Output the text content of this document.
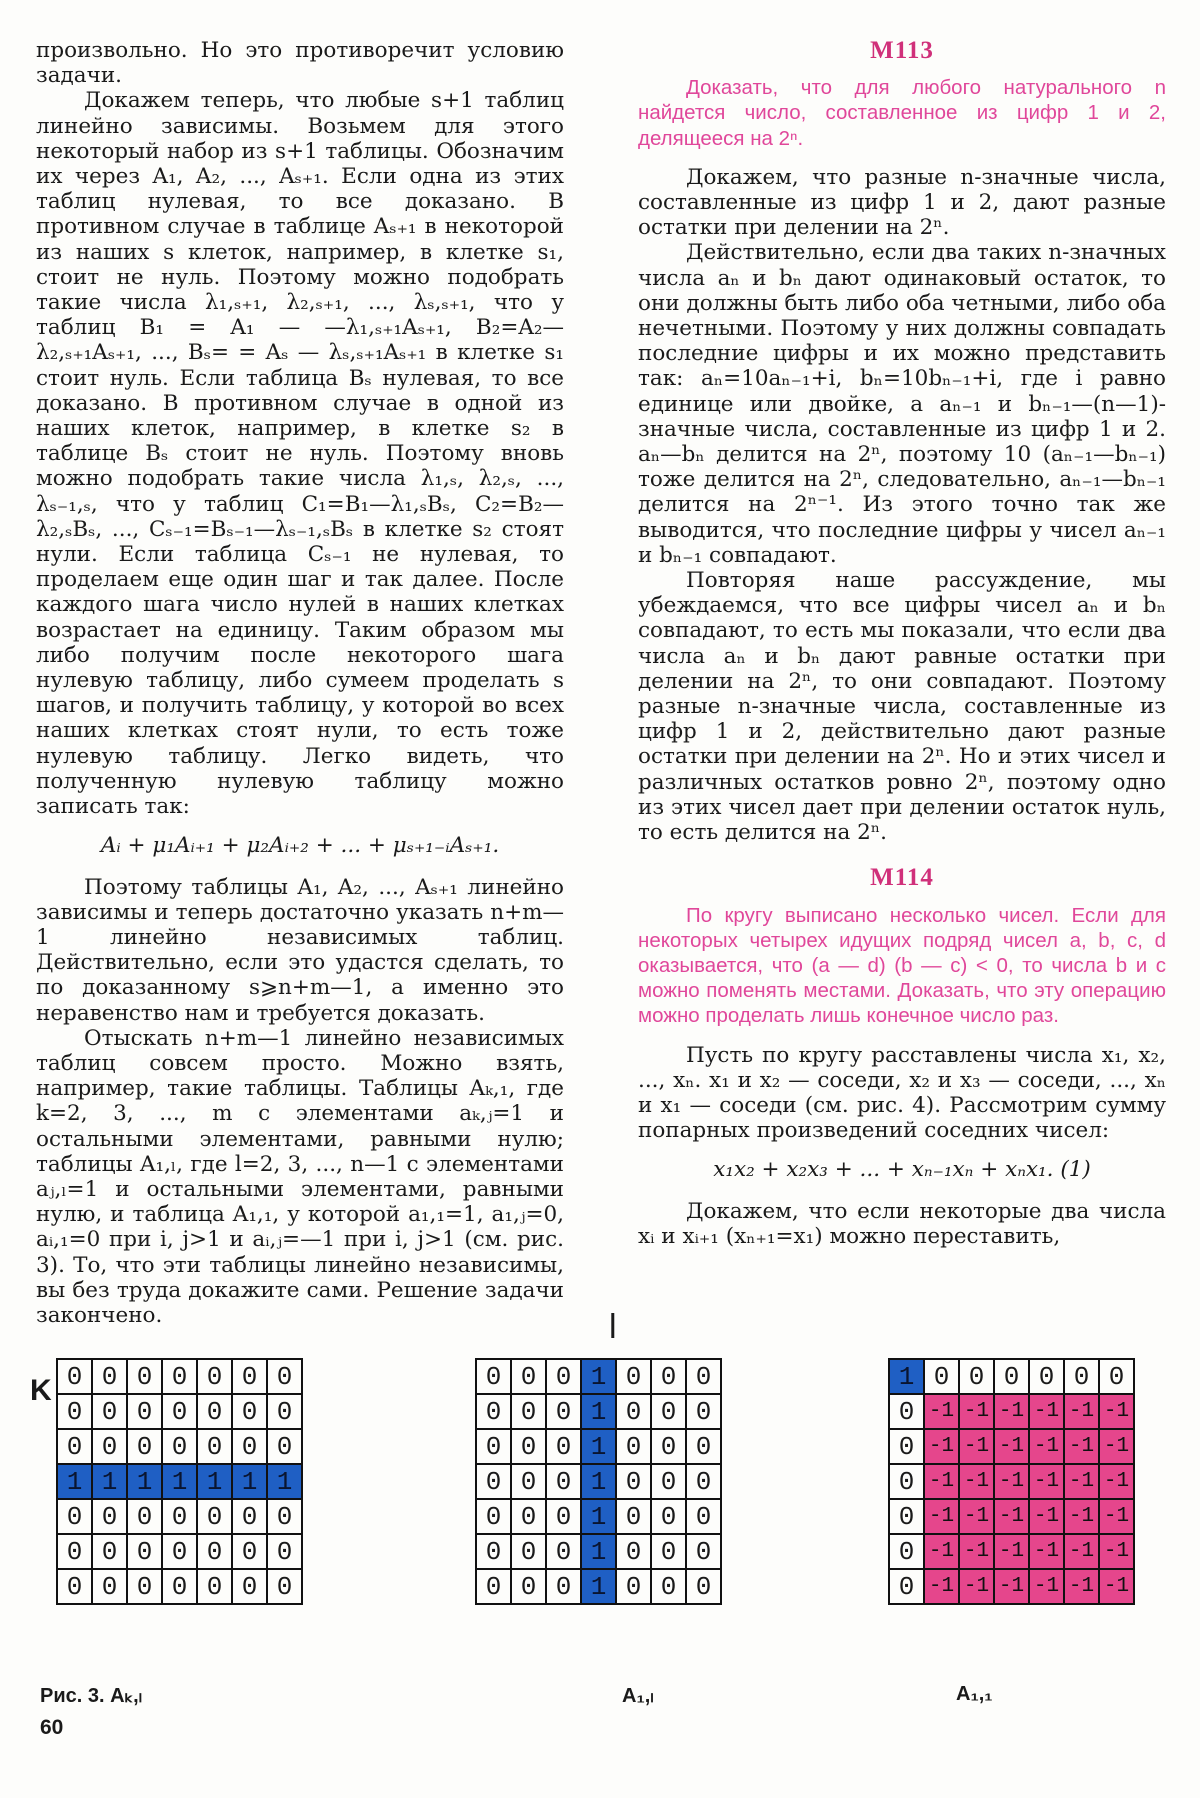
произвольно. Но это противоречит условию задачи.

Докажем теперь, что любые s+1 таблиц линейно зависимы. Возьмем для этого некоторый набор из s+1 таблицы. Обозначим их через A₁, A₂, ..., Aₛ₊₁. Если одна из этих таблиц нулевая, то все доказано. В противном случае в таблице Aₛ₊₁ в некоторой из наших s клеток, например, в клетке s₁, стоит не нуль. Поэтому можно подобрать такие числа λ₁,ₛ₊₁, λ₂,ₛ₊₁, ..., λₛ,ₛ₊₁, что у таблиц B₁ = A₁ — —λ₁,ₛ₊₁Aₛ₊₁, B₂=A₂—λ₂,ₛ₊₁Aₛ₊₁, ..., Bₛ= = Aₛ — λₛ,ₛ₊₁Aₛ₊₁ в клетке s₁ стоит нуль. Если таблица Bₛ нулевая, то все доказано. В противном случае в одной из наших клеток, например, в клетке s₂ в таблице Bₛ стоит не нуль. Поэтому вновь можно подобрать такие числа λ₁,ₛ, λ₂,ₛ, ..., λₛ₋₁,ₛ, что у таблиц C₁=B₁—λ₁,ₛBₛ, C₂=B₂—λ₂,ₛBₛ, ..., Cₛ₋₁=Bₛ₋₁—λₛ₋₁,ₛBₛ в клетке s₂ стоят нули. Если таблица Cₛ₋₁ не нулевая, то проделаем еще один шаг и так далее. После каждого шага число нулей в наших клетках возрастает на единицу. Таким образом мы либо получим после некоторого шага нулевую таблицу, либо сумеем проделать s шагов, и получить таблицу, у которой во всех наших клетках стоят нули, то есть тоже нулевую таблицу. Легко видеть, что полученную нулевую таблицу можно записать так:

Aᵢ + μ₁Aᵢ₊₁ + μ₂Aᵢ₊₂ + ... + μₛ₊₁₋ᵢAₛ₊₁.

Поэтому таблицы A₁, A₂, ..., Aₛ₊₁ линейно зависимы и теперь достаточно указать n+m—1 линейно независимых таблиц. Действительно, если это удастся сделать, то по доказанному s⩾n+m—1, а именно это неравенство нам и требуется доказать.

Отыскать n+m—1 линейно независимых таблиц совсем просто. Можно взять, например, такие таблицы. Таблицы Aₖ,₁, где k=2, 3, ..., m с элементами aₖ,ⱼ=1 и остальными элементами, равными нулю; таблицы A₁,ₗ, где l=2, 3, ..., n—1 с элементами aⱼ,ₗ=1 и остальными элементами, равными нулю, и таблица A₁,₁, у которой a₁,₁=1, a₁,ⱼ=0, aᵢ,₁=0 при i, j>1 и aᵢ,ⱼ=—1 при i, j>1 (см. рис. 3). То, что эти таблицы линейно независимы, вы без труда докажите сами. Решение задачи закончено.

М113

Доказать, что для любого натурального n найдется число, составленное из цифр 1 и 2, делящееся на 2ⁿ.

Докажем, что разные n-значные числа, составленные из цифр 1 и 2, дают разные остатки при делении на 2ⁿ.

Действительно, если два таких n-значных числа aₙ и bₙ дают одинаковый остаток, то они должны быть либо оба четными, либо оба нечетными. Поэтому у них должны совпадать последние цифры и их можно представить так: aₙ=10aₙ₋₁+i, bₙ=10bₙ₋₁+i, где i равно единице или двойке, а aₙ₋₁ и bₙ₋₁—(n—1)-значные числа, составленные из цифр 1 и 2. aₙ—bₙ делится на 2ⁿ, поэтому 10 (aₙ₋₁—bₙ₋₁) тоже делится на 2ⁿ, следовательно, aₙ₋₁—bₙ₋₁ делится на 2ⁿ⁻¹. Из этого точно так же выводится, что последние цифры у чисел aₙ₋₁ и bₙ₋₁ совпадают.

Повторяя наше рассуждение, мы убеждаемся, что все цифры чисел aₙ и bₙ совпадают, то есть мы показали, что если два числа aₙ и bₙ дают равные остатки при делении на 2ⁿ, то они совпадают. Поэтому разные n-значные числа, составленные из цифр 1 и 2, действительно дают разные остатки при делении на 2ⁿ. Но и этих чисел и различных остатков ровно 2ⁿ, поэтому одно из этих чисел дает при делении остаток нуль, то есть делится на 2ⁿ.

М114

По кругу выписано несколько чисел. Если для некоторых четырех идущих подряд чисел a, b, c, d оказывается, что (a — d) (b — c) < 0, то числа b и c можно поменять местами. Доказать, что эту операцию можно проделать лишь конечное число раз.

Пусть по кругу расставлены числа x₁, x₂, ..., xₙ. x₁ и x₂ — соседи, x₂ и x₃ — соседи, ..., xₙ и x₁ — соседи (см. рис. 4). Рассмотрим сумму попарных произведений соседних чисел:

x₁x₂ + x₂x₃ + ... + xₙ₋₁xₙ + xₙx₁. (1)

Докажем, что если некоторые два числа xᵢ и xᵢ₊₁ (xₙ₊₁=x₁) можно переставить,

K 0	0	0	0	0	0	0
0	0	0	0	0	0	0
0	0	0	0	0	0	0
1	1	1	1	1	1	1
0	0	0	0	0	0	0
0	0	0	0	0	0	0
0	0	0	0	0	0	0
l
0	0	0	1	0	0	0
0	0	0	1	0	0	0
0	0	0	1	0	0	0
0	0	0	1	0	0	0
0	0	0	1	0	0	0
0	0	0	1	0	0	0
0	0	0	1	0	0	0
1	0	0	0	0	0	0
0	-1	-1	-1	-1	-1	-1
0	-1	-1	-1	-1	-1	-1
0	-1	-1	-1	-1	-1	-1
0	-1	-1	-1	-1	-1	-1
0	-1	-1	-1	-1	-1	-1
0	-1	-1	-1	-1	-1	-1
Рис. 3. Aₖ,ₗ	A₁,ₗ	A₁,₁
60
